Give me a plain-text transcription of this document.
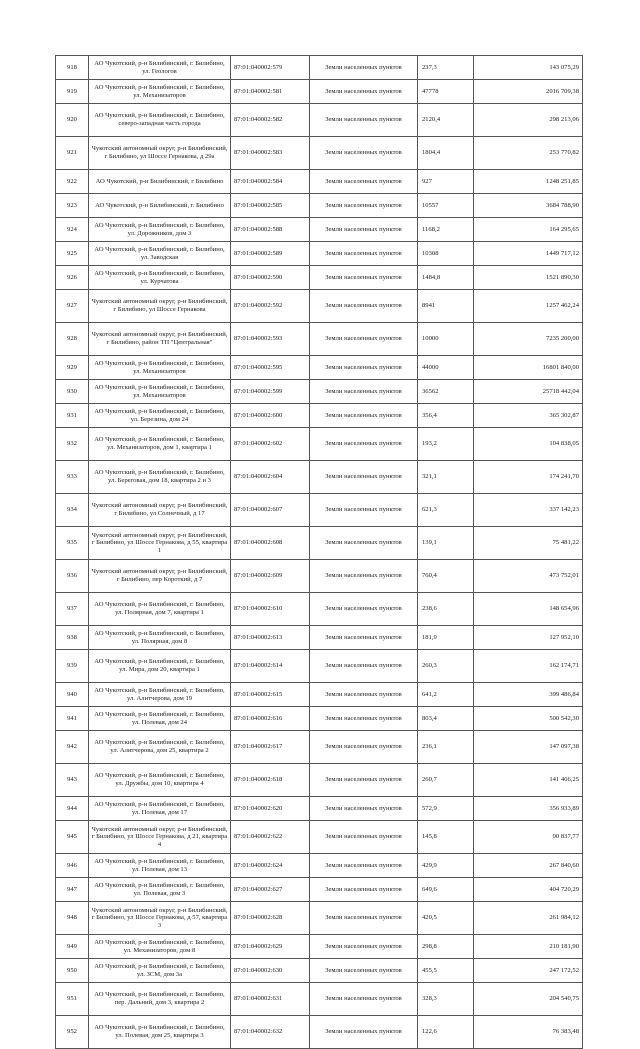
918	АО Чукотский, р-н Билибинский, г. Билибино, ул. Геологов	87:01:040002:579	Земли населенных пунктов	237,3	143 075,29
919	АО Чукотский, р-н Билибинский, г. Билибино, ул. Механизаторов	87:01:040002:581	Земли населенных пунктов	47778	2016 709,38
920	АО Чукотский, р-н Билибинский, г. Билибино, северо-западная часть города	87:01:040002:582	Земли населенных пунктов	2120,4	298 213,06
921	Чукотский автономный округ, р-н Билибинский, г Билибино, ул Шоссе Гернакова, д 29а	87:01:040002:583	Земли населенных пунктов	1804,4	253 770,82
922	АО Чукотский, р-н Билибинский, г Билибино	87:01:040002:584	Земли населенных пунктов	927	1248 251,85
923	АО Чукотский, р-н Билибинский, г. Билибино	87:01:040002:585	Земли населенных пунктов	10557	3684 788,90
924	АО Чукотский, р-н Билибинский, г. Билибино, ул. Дорожников, дом 3	87:01:040002:588	Земли населенных пунктов	1168,2	164 295,65
925	АО Чукотский, р-н Билибинский, г. Билибино, ул. Заводская	87:01:040002:589	Земли населенных пунктов	10308	1449 717,12
926	АО Чукотский, р-н Билибинский, г. Билибино, ул. Курчатова	87:01:040002:590	Земли населенных пунктов	1484,8	1521 890,30
927	Чукотский автономный округ, р-н Билибинский, г Билибино, ул Шоссе Гернакова	87:01:040002:592	Земли населенных пунктов	8941	1257 462,24
928	Чукотский автономный округ, р-н Билибинский, г Билибино, район ТП "Центральная"	87:01:040002:593	Земли населенных пунктов	10000	7235 200,00
929	АО Чукотский, р-н Билибинский, г. Билибино, ул. Механизаторов	87:01:040002:595	Земли населенных пунктов	44000	16801 840,00
930	АО Чукотский, р-н Билибинский, г. Билибино, ул. Механизаторов	87:01:040002:599	Земли населенных пунктов	36562	25718 442,04
931	АО Чукотский, р-н Билибинский, г. Билибино, ул. Березина, дом 24	87:01:040002:600	Земли населенных пунктов	356,4	365 302,87
932	АО Чукотский, р-н Билибинский, г. Билибино, ул. Механизаторов, дом 1, квартира 1	87:01:040002:602	Земли населенных пунктов	193,2	104 838,05
933	АО Чукотский, р-н Билибинский, г. Билибино, ул. Береговая, дом 18, квартира 2 и 3	87:01:040002:604	Земли населенных пунктов	321,1	174 241,70
934	Чукотский автономный округ, р-н Билибинский, г Билибино, ул Солнечный, д 17	87:01:040002:607	Земли населенных пунктов	621,3	337 142,23
935	Чукотский автономный округ, р-н Билибинский, г Билибино, ул Шоссе Гернакова, д 55, квартира 1	87:01:040002:608	Земли населенных пунктов	139,1	75 481,22
936	Чукотский автономный округ, р-н Билибинский, г Билибино, пер Короткий, д 7	87:01:040002:609	Земли населенных пунктов	760,4	473 752,01
937	АО Чукотский, р-н Билибинский, г. Билибино, ул. Полярная, дом 7, квартира 1	87:01:040002:610	Земли населенных пунктов	238,6	148 654,96
938	АО Чукотский, р-н Билибинский, г. Билибино, ул. Полярная, дом 8	87:01:040002:613	Земли населенных пунктов	181,9	127 952,10
939	АО Чукотский, р-н Билибинский, г. Билибино, ул. Мира, дом 20, квартира 1	87:01:040002:614	Земли населенных пунктов	260,3	162 174,71
940	АО Чукотский, р-н Билибинский, г. Билибино, ул. Алитчерова, дом 19	87:01:040002:615	Земли населенных пунктов	641,2	399 486,84
941	АО Чукотский, р-н Билибинский, г. Билибино, ул. Полевая, дом 24	87:01:040002:616	Земли населенных пунктов	803,4	500 542,30
942	АО Чукотский, р-н Билибинский, г. Билибино, ул. Алитчерова, дом 25, квартира 2	87:01:040002:617	Земли населенных пунктов	236,1	147 097,38
943	АО Чукотский, р-н Билибинский, г. Билибино, ул. Дружбы, дом 10, квартира 4	87:01:040002:618	Земли населенных пунктов	260,7	141 466,25
944	АО Чукотский, р-н Билибинский, г. Билибино, ул. Полевая, дом 17	87:01:040002:620	Земли населенных пунктов	572,9	356 933,89
945	Чукотский автономный округ, р-н Билибинский, г Билибино, ул Шоссе Гернакова, д 21, квартира 4	87:01:040002:622	Земли населенных пунктов	145,8	90 837,77
946	АО Чукотский, р-н Билибинский, г. Билибино, ул. Полевая, дом 13	87:01:040002:624	Земли населенных пунктов	429,9	267 840,60
947	АО Чукотский, р-н Билибинский, г. Билибино, ул. Полевая, дом 3	87:01:040002:627	Земли населенных пунктов	649,6	404 720,29
948	Чукотский автономный округ, р-н Билибинский, г Билибино, ул Шоссе Гернакова, д 57, квартира 3	87:01:040002:628	Земли населенных пунктов	420,5	261 984,12
949	АО Чукотский, р-н Билибинский, г. Билибино, ул. Механизаторов, дом 8	87:01:040002:629	Земли населенных пунктов	298,8	210 181,90
950	АО Чукотский, р-н Билибинский, г. Билибино, ул. ЗСМ, дом 3а	87:01:040002:630	Земли населенных пунктов	455,5	247 172,52
951	АО Чукотский, р-н Билибинский, г. Билибино, пер. Дальний, дом 3, квартира 2	87:01:040002:631	Земли населенных пунктов	328,3	204 540,75
952	АО Чукотский, р-н Билибинский, г. Билибино, ул. Полевая, дом 25, квартира 3	87:01:040002:632	Земли населенных пунктов	122,6	76 383,48
